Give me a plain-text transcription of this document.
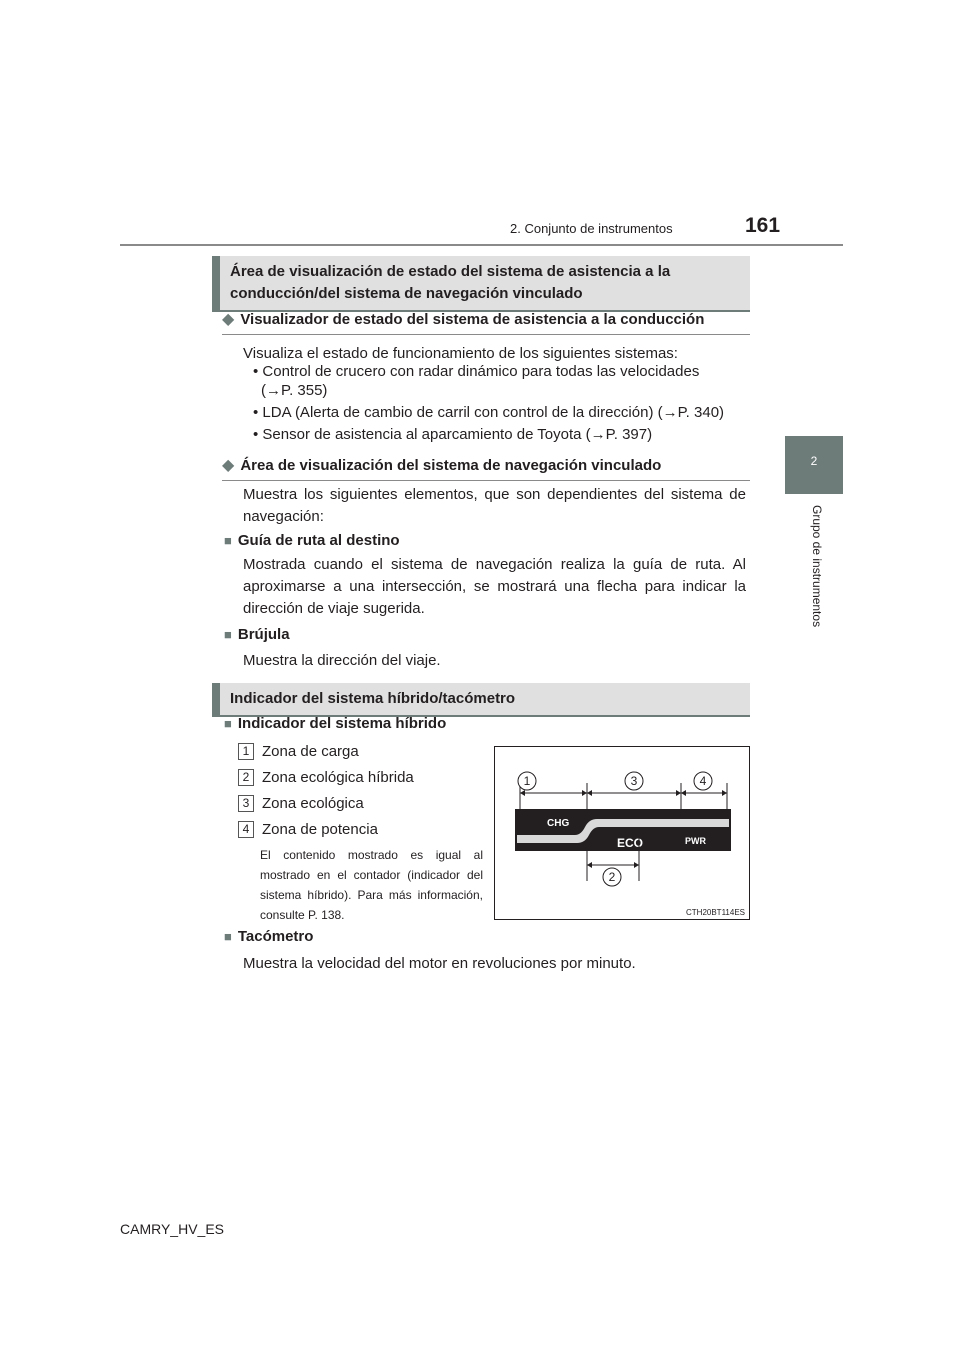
2. Conjunto de instrumentos	161
2
Grupo de instrumentos
Área de visualización de estado del sistema de asistencia a la conducción/del sistema de navegación vinculado
◆ Visualizador de estado del sistema de asistencia a la conducción
Visualiza el estado de funcionamiento de los siguientes sistemas:
• Control de crucero con radar dinámico para todas las velocidades
(→P. 355)
• LDA (Alerta de cambio de carril con control de la dirección) (→P. 340)
• Sensor de asistencia al aparcamiento de Toyota (→P. 397)
◆ Área de visualización del sistema de navegación vinculado
Muestra los siguientes elementos, que son dependientes del sistema de navegación:
■ Guía de ruta al destino
Mostrada cuando el sistema de navegación realiza la guía de ruta. Al aproximarse a una intersección, se mostrará una flecha para indicar la dirección de viaje sugerida.
■ Brújula
Muestra la dirección del viaje.
Indicador del sistema híbrido/tacómetro
■ Indicador del sistema híbrido
1 Zona de carga
2 Zona ecológica híbrida
3 Zona ecológica
4 Zona de potencia
El contenido mostrado es igual al mostrado en el contador (indicador del sistema híbrido). Para más información, consulte P. 138.
1	3	4
CHG
ECO	PWR
2
CTH20BT114ES
■ Tacómetro
Muestra la velocidad del motor en revoluciones por minuto.
CAMRY_HV_ES
